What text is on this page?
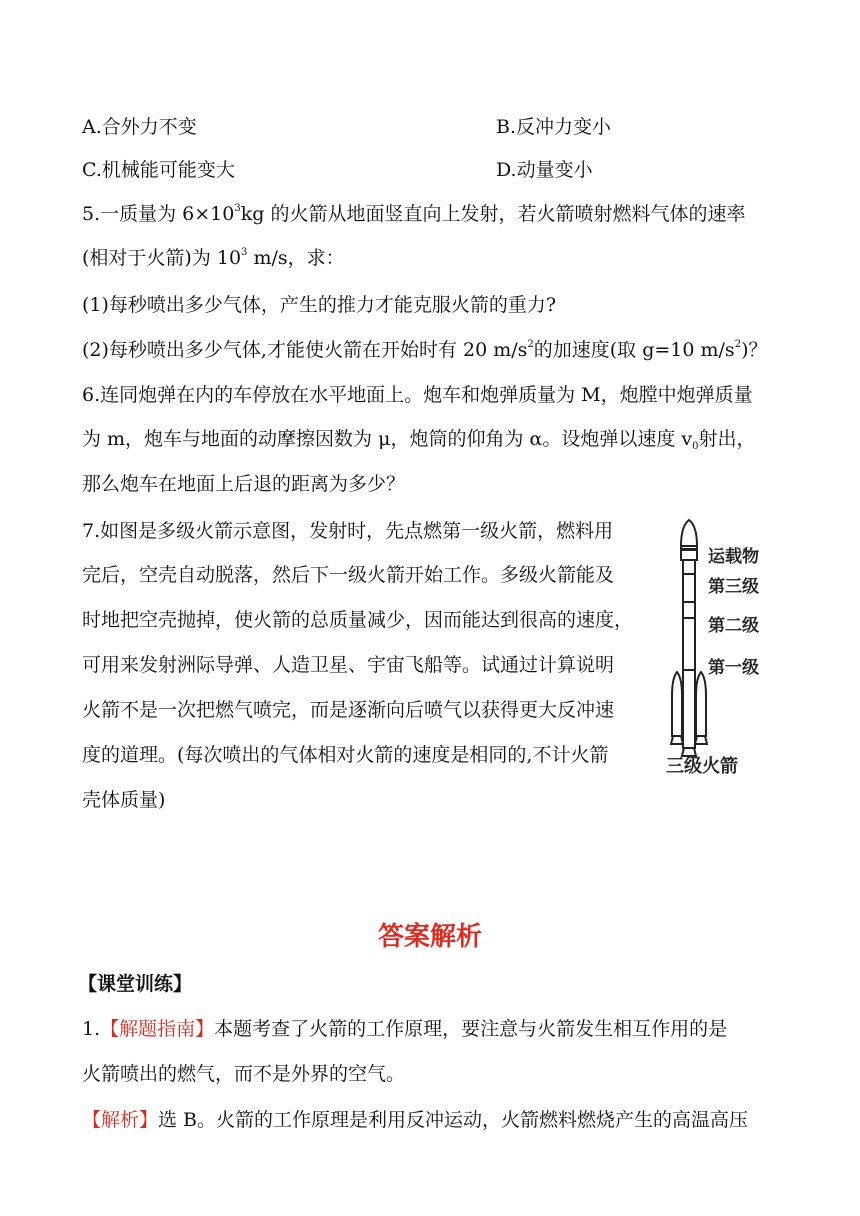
A.合外力不变	B.反冲力变小
C.机械能可能变大	D.动量变小
5.一质量为 $6\times 10^3kg$ 的火箭从地面竖直向上发射，若火箭喷射燃料气体的速率
(相对于火箭)为 $10^3$ m/s，求：
(1)每秒喷出多少气体，产生的推力才能克服火箭的重力?
(2)每秒喷出多少气体,才能使火箭在开始时有 20 $m/s^2$的加速度(取 g=10 $m/s^2$)？
6.连同炮弹在内的车停放在水平地面上。炮车和炮弹质量为 M，炮膛中炮弹质量
为 m，炮车与地面的动摩擦因数为 μ，炮筒的仰角为 α。设炮弹以速度 $v_0$射出，
那么炮车在地面上后退的距离为多少？
7.如图是多级火箭示意图，发射时，先点燃第一级火箭，燃料用
完后，空壳自动脱落，然后下一级火箭开始工作。多级火箭能及
时地把空壳抛掉，使火箭的总质量减少，因而能达到很高的速度，
可用来发射洲际导弹、人造卫星、宇宙飞船等。试通过计算说明
火箭不是一次把燃气喷完，而是逐渐向后喷气以获得更大反冲速
度的道理。(每次喷出的气体相对火箭的速度是相同的,不计火箭
壳体质量)
运载物
第三级
第二级
第一级
三级火箭
答案解析
【课堂训练】
1.【解题指南】本题考查了火箭的工作原理，要注意与火箭发生相互作用的是
火箭喷出的燃气，而不是外界的空气。
【解析】选 B。火箭的工作原理是利用反冲运动，火箭燃料燃烧产生的高温高压
